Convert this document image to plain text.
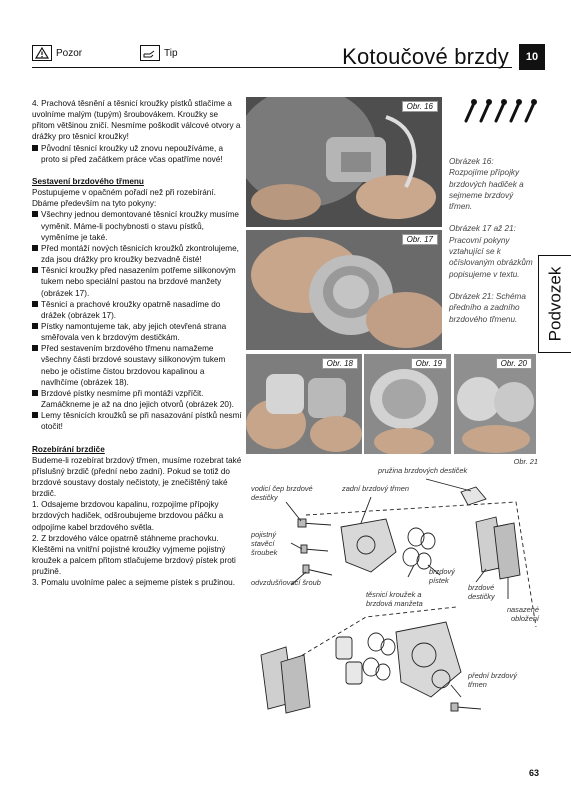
Pozor	Tip	Kotoučové brzdy	10
Podvozek

4. Prachová těsnění a těsnicí kroužky pístků stlačíme a uvolníme malým (tupým) šroubovákem. Kroužky se přitom většinou zničí. Nesmíme poškodit válcové otvory a drážky pro těsnicí kroužky!

Původní těsnicí kroužky už znovu nepoužíváme, a proto si před začátkem práce včas opatříme nové!

Sestavení brzdového třmenu

Postupujeme v opačném pořadí než při rozebírání. Dbáme především na tyto pokyny:

Všechny jednou demontované těsnicí kroužky musíme vyměnit. Máme-li pochybnosti o stavu pístků, vyměníme je také.
Před montáží nových těsnicích kroužků zkontrolujeme, zda jsou drážky pro kroužky bezvadně čisté!
Těsnicí kroužky před nasazením potřeme silikonovým tukem nebo speciální pastou na brzdové manžety (obrázek 17).
Těsnicí a prachové kroužky opatrně nasadíme do drážek (obrázek 17).
Pístky namontujeme tak, aby jejich otevřená strana směřovala ven k brzdovým destičkám.
Před sestavením brzdového třmenu namažeme všechny části brzdové soustavy silikonovým tukem nebo je očistíme čistou brzdovou kapalinou a navlhčíme (obrázek 18).
Brzdové pístky nesmíme při montáži vzpříčit. Zamáčkneme je až na dno jejich otvorů (obrázek 20).
Lemy těsnicích kroužků se při nasazování pístků nesmí otočit!

Rozebírání brzdiče

Budeme-li rozebírat brzdový třmen, musíme rozebrat také příslušný brzdič (přední nebo zadní). Pokud se totiž do brzdové soustavy dostaly nečistoty, je znečištěný také brzdič.

1. Odsajeme brzdovou kapalinu, rozpojíme přípojky brzdových hadiček, odšroubujeme brzdovou páčku a odpojíme kabel brzdového světla.

2. Z brzdového válce opatrně stáhneme prachovku. Kleštěmi na vnitřní pojistné kroužky vyjmeme pojistný kroužek a palcem přitom stlačujeme brzdový pístek proti pružině.

3. Pomalu uvolníme palec a sejmeme pístek s pružinou.

Obr. 16
Obr. 17
Obr. 18	Obr. 19	Obr. 20

Obrázek 16: Rozpojíme přípojky brzdových hadiček a sejmeme brzdový třmen.

Obrázek 17 až 21: Pracovní pokyny vztahující se k očíslovaným obrázkům popisujeme v textu.

Obrázek 21: Schéma předního a zadního brzdového třmenu.

Obr. 21
pružina brzdových destiček
vodicí čep brzdové destičky
zadní brzdový třmen
pojistný stavěcí šroubek
odvzdušňovací šroub
těsnicí kroužek a brzdová manžeta
brzdový pístek
brzdové destičky
nasazené obložení
přední brzdový třmen
63
